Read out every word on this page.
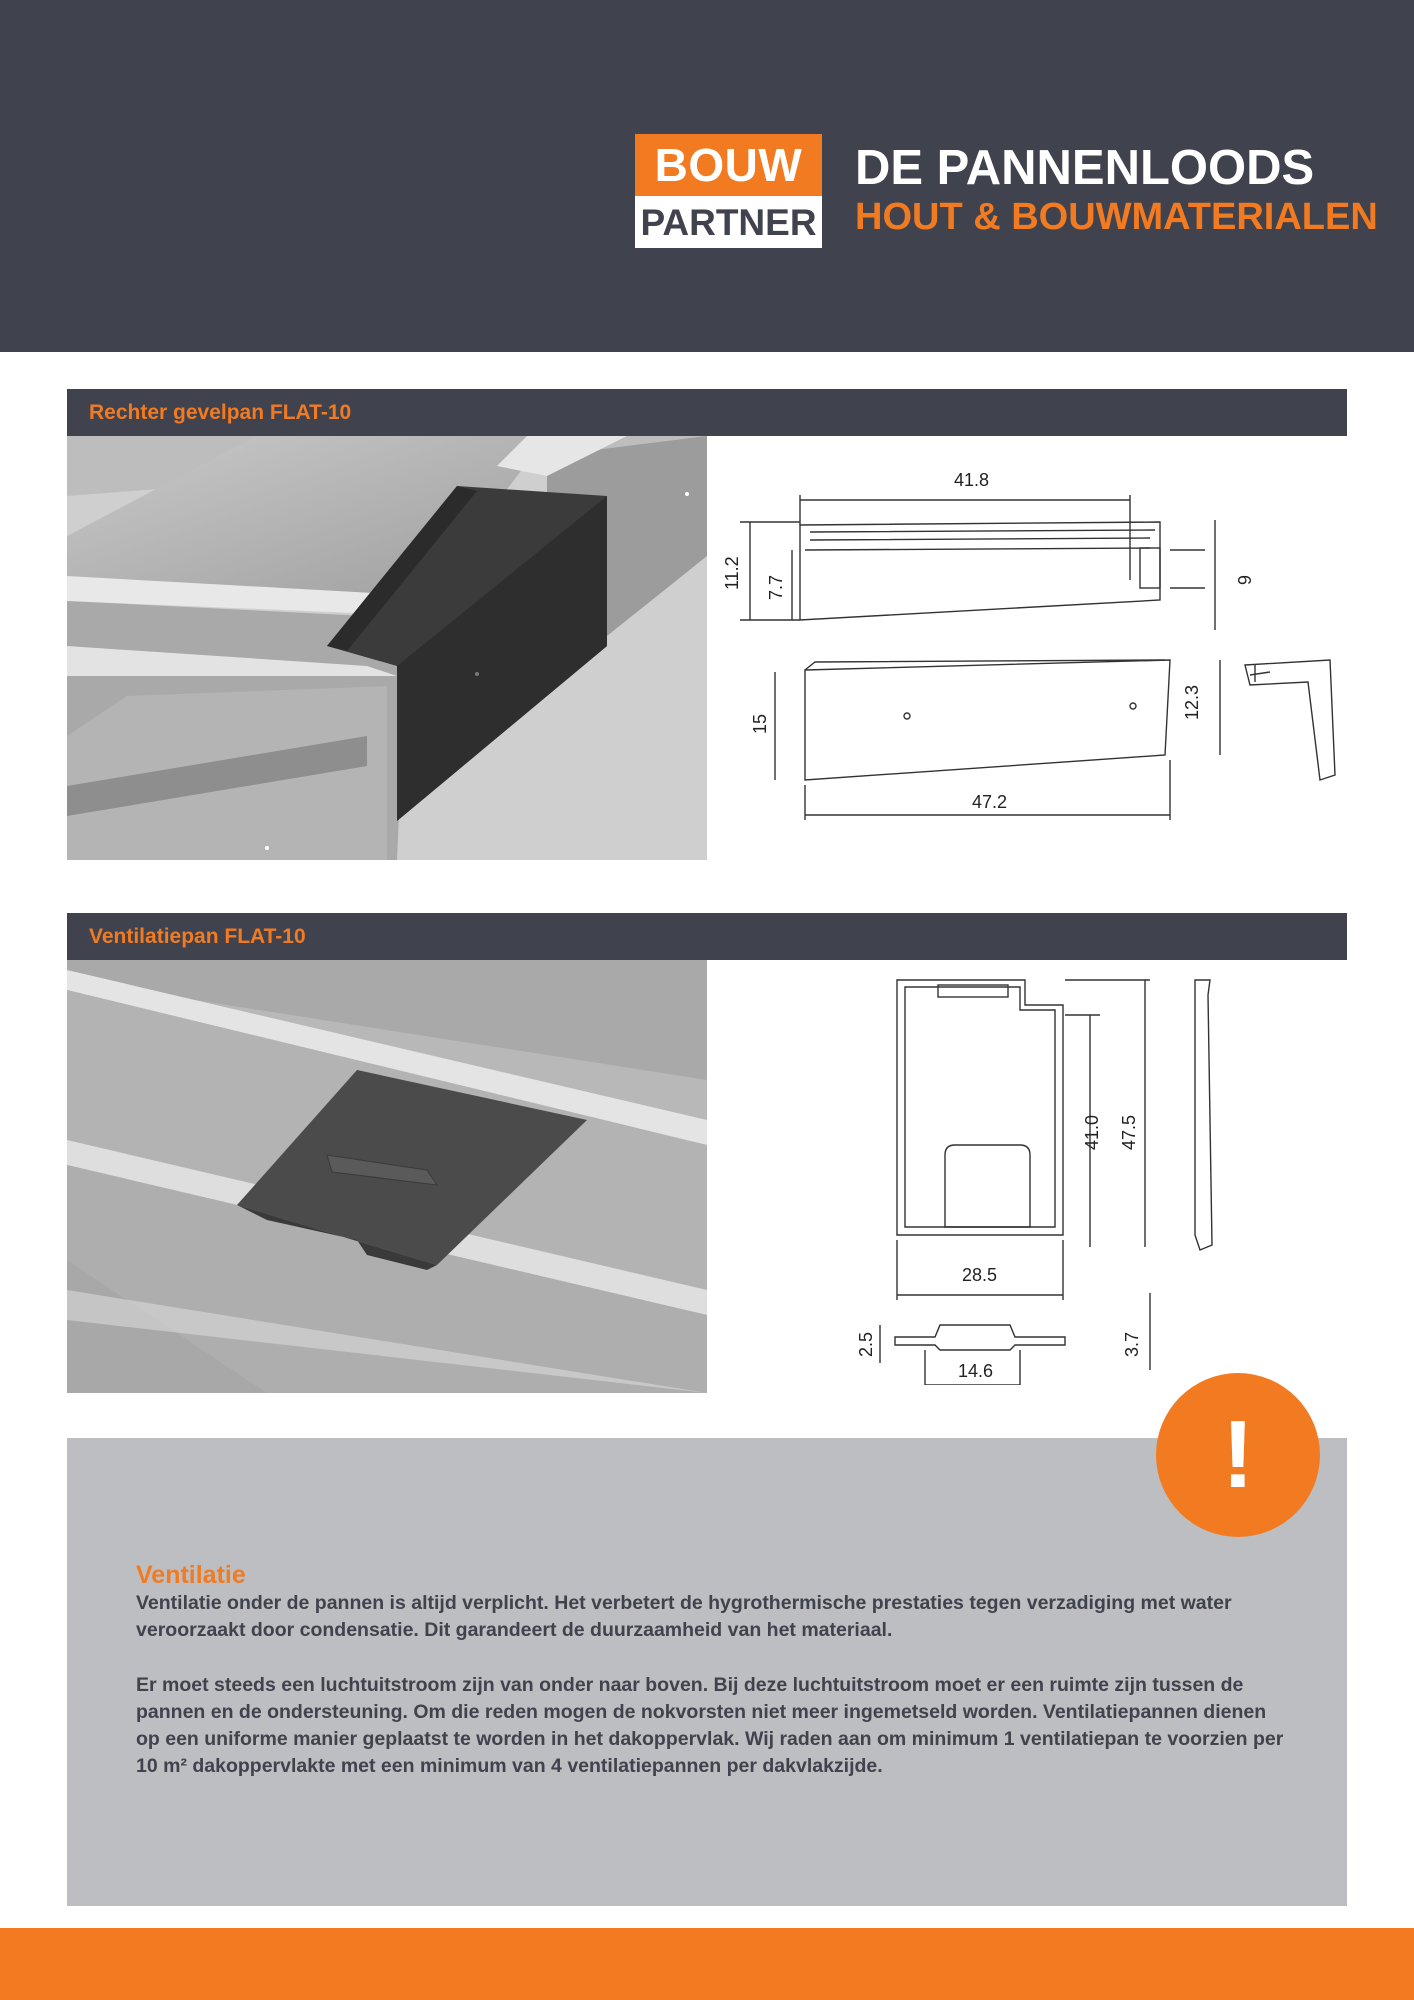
BOUW
PARTNER
DE PANNENLOODS
HOUT & BOUWMATERIALEN
Rechter gevelpan FLAT-10
41.8
11.2 7.7	6
15
12.3
47.2
Ventilatiepan FLAT-10
41.0 47.5
28.5
2.5	3.7
14.6
Ventilatie

Ventilatie onder de pannen is altijd verplicht. Het verbetert de hygrothermische prestaties tegen verzadiging met water veroorzaakt door condensatie. Dit garandeert de duurzaamheid van het materiaal.

Er moet steeds een luchtuitstroom zijn van onder naar boven. Bij deze luchtuitstroom moet er een ruimte zijn tussen de pannen en de ondersteuning. Om die reden mogen de nokvorsten niet meer ingemetseld worden. Ventilatiepannen dienen op een uniforme manier geplaatst te worden in het dakoppervlak. Wij raden aan om minimum 1 ventilatiepan te voorzien per 10 m² dakoppervlakte met een minimum van 4 ventilatiepannen per dakvlakzijde.

!
